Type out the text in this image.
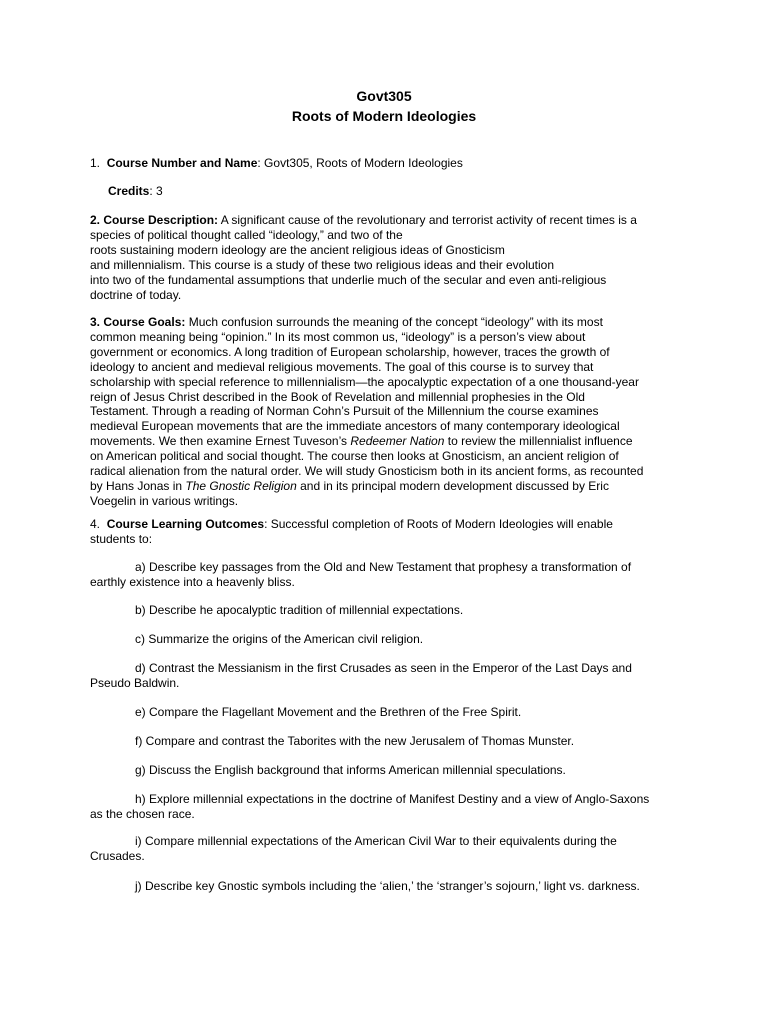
Govt305
Roots of Modern Ideologies
1. Course Number and Name: Govt305, Roots of Modern Ideologies
Credits: 3
2. Course Description: A significant cause of the revolutionary and terrorist activity of recent times is a
species of political thought called “ideology,” and two of the
roots sustaining modern ideology are the ancient religious ideas of Gnosticism
and millennialism. This course is a study of these two religious ideas and their evolution
into two of the fundamental assumptions that underlie much of the secular and even anti-religious
doctrine of today.
3. Course Goals: Much confusion surrounds the meaning of the concept “ideology” with its most
common meaning being “opinion.” In its most common us, “ideology” is a person’s view about
government or economics. A long tradition of European scholarship, however, traces the growth of
ideology to ancient and medieval religious movements. The goal of this course is to survey that
scholarship with special reference to millennialism—the apocalyptic expectation of a one thousand-year
reign of Jesus Christ described in the Book of Revelation and millennial prophesies in the Old
Testament. Through a reading of Norman Cohn’s Pursuit of the Millennium the course examines
medieval European movements that are the immediate ancestors of many contemporary ideological
movements. We then examine Ernest Tuveson’s Redeemer Nation to review the millennialist influence
on American political and social thought. The course then looks at Gnosticism, an ancient religion of
radical alienation from the natural order. We will study Gnosticism both in its ancient forms, as recounted
by Hans Jonas in The Gnostic Religion and in its principal modern development discussed by Eric
Voegelin in various writings.
4. Course Learning Outcomes: Successful completion of Roots of Modern Ideologies will enable
students to:
a) Describe key passages from the Old and New Testament that prophesy a transformation of
earthly existence into a heavenly bliss.
b) Describe he apocalyptic tradition of millennial expectations.
c) Summarize the origins of the American civil religion.
d) Contrast the Messianism in the first Crusades as seen in the Emperor of the Last Days and
Pseudo Baldwin.
e) Compare the Flagellant Movement and the Brethren of the Free Spirit.
f) Compare and contrast the Taborites with the new Jerusalem of Thomas Munster.
g) Discuss the English background that informs American millennial speculations.
h) Explore millennial expectations in the doctrine of Manifest Destiny and a view of Anglo-Saxons
as the chosen race.
i) Compare millennial expectations of the American Civil War to their equivalents during the
Crusades.
j) Describe key Gnostic symbols including the ‘alien,’ the ‘stranger’s sojourn,’ light vs. darkness.
